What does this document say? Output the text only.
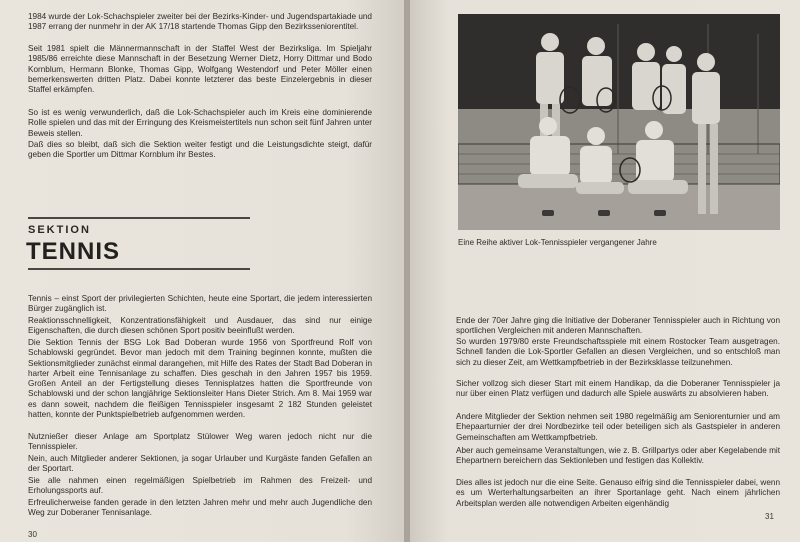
1984 wurde der Lok-Schachspieler zweiter bei der Bezirks-Kinder- und Jugendspartakiade und 1987 errang der nunmehr in der AK 17/18 startende Thomas Gipp den Bezirksseniorentitel.

Seit 1981 spielt die Männermannschaft in der Staffel West der Bezirksliga. Im Spieljahr 1985/86 erreichte diese Mannschaft in der Besetzung Werner Dietz, Horry Dittmar und Bodo Kornblum, Hermann Blonke, Thomas Gipp, Wolfgang Westendorf und Peter Möller einen bemerkenswerten dritten Platz. Dabei konnte letzterer das beste Einzelergebnis in dieser Staffel erkämpfen.

So ist es wenig verwunderlich, daß die Lok-Schachspieler auch im Kreis eine dominierende Rolle spielen und das mit der Erringung des Kreismeistertitels nun schon seit fünf Jahren unter Beweis stellen.

Daß dies so bleibt, daß sich die Sektion weiter festigt und die Leistungsdichte steigt, dafür geben die Sportler um Dittmar Kornblum ihr Bestes.

SEKTION
TENNIS

Tennis – einst Sport der privilegierten Schichten, heute eine Sportart, die jedem interessierten Bürger zugänglich ist.

Reaktionsschnelligkeit, Konzentrationsfähigkeit und Ausdauer, das sind nur einige Eigenschaften, die durch diesen schönen Sport positiv beeinflußt werden.

Die Sektion Tennis der BSG Lok Bad Doberan wurde 1956 von Sportfreund Rolf von Schablowski gegründet. Bevor man jedoch mit dem Training beginnen konnte, mußten die Sektionsmitglieder zunächst einmal darangehen, mit Hilfe des Rates der Stadt Bad Doberan in harter Arbeit eine Tennisanlage zu schaffen. Dies geschah in den Jahren 1957 bis 1959. Großen Anteil an der Fertigstellung dieses Tennisplatzes hatten die Sportfreunde von Schablowski und der schon langjährige Sektionsleiter Hans Dieter Strich. Am 8. Mai 1959 war es dann soweit, nachdem die fleißigen Tennisspieler insgesamt 2 182 Stunden geleistet hatten, konnte der Punktspielbetrieb aufgenommen werden.

Nutznießer dieser Anlage am Sportplatz Stülower Weg waren jedoch nicht nur die Tennisspieler.

Nein, auch Mitglieder anderer Sektionen, ja sogar Urlauber und Kurgäste fanden Gefallen an der Sportart.

Sie alle nahmen einen regelmäßigen Spielbetrieb im Rahmen des Freizeit- und Erholungssports auf.

Erfreulicherweise fanden gerade in den letzten Jahren mehr und mehr auch Jugendliche den Weg zur Doberaner Tennisanlage.

30
Eine Reihe aktiver Lok-Tennisspieler vergangener Jahre

Ende der 70er Jahre ging die Initiative der Doberaner Tennisspieler auch in Richtung von sportlichen Vergleichen mit anderen Mannschaften.

So wurden 1979/80 erste Freundschaftsspiele mit einem Rostocker Team ausgetragen. Schnell fanden die Lok-Sportler Gefallen an diesen Vergleichen, und so entschloß man sich zu dieser Zeit, am Wettkampfbetrieb in der Bezirksklasse teilzunehmen.

Sicher vollzog sich dieser Start mit einem Handikap, da die Doberaner Tennisspieler ja nur über einen Platz verfügen und dadurch alle Spiele auswärts zu absolvieren haben.

Andere Mitglieder der Sektion nehmen seit 1980 regelmäßig am Seniorenturnier und am Ehepaarturnier der drei Nordbezirke teil oder beteiligen sich als Gastspieler in anderen Gemeinschaften am Wettkampfbetrieb.

Aber auch gemeinsame Veranstaltungen, wie z. B. Grillpartys oder aber Kegelabende mit Ehepartnern bereichern das Sektionleben und festigen das Kollektiv.

Dies alles ist jedoch nur die eine Seite. Genauso eifrig sind die Tennisspieler dabei, wenn es um Werterhaltungsarbeiten an ihrer Sportanlage geht. Nach einem jährlichen Arbeitsplan werden alle notwendigen Arbeiten eigenhändig

31
